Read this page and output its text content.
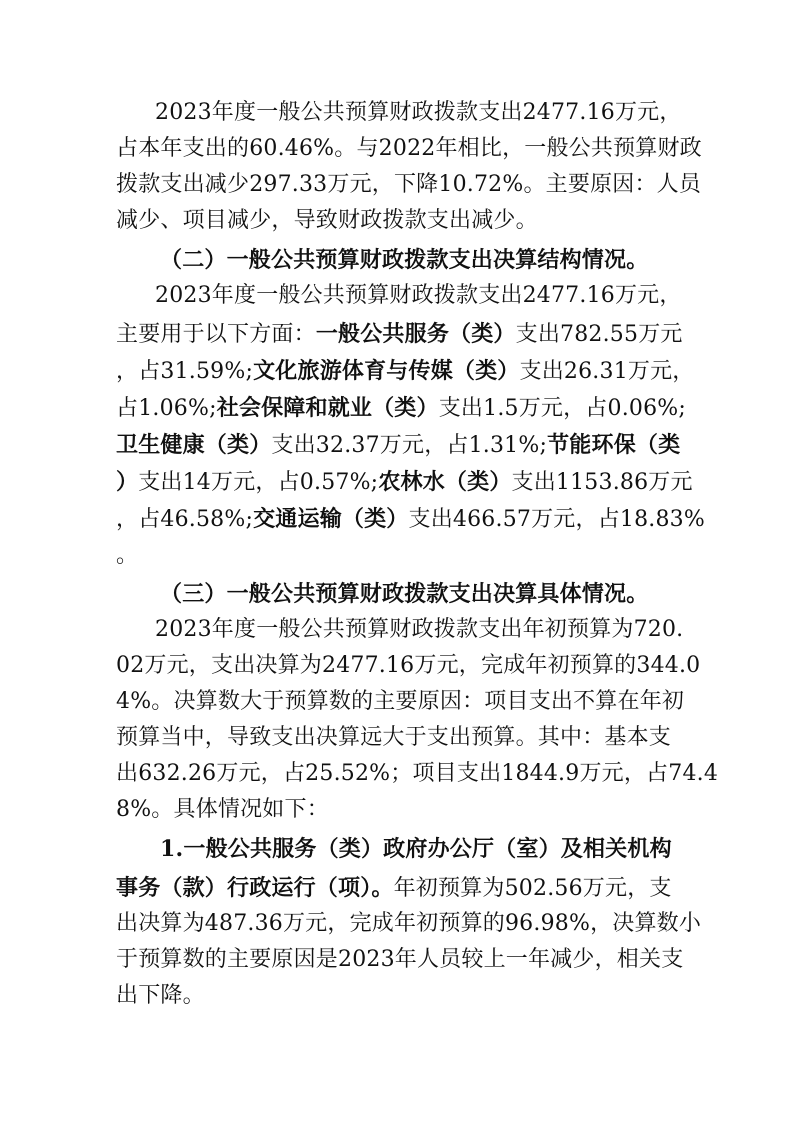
2023年度一般公共预算财政拨款支出2477.16万元，
占本年支出的60.46%。与2022年相比，一般公共预算财政
拨款支出减少297.33万元，下降10.72%。主要原因：人员
减少、项目减少，导致财政拨款支出减少。
（二）一般公共预算财政拨款支出决算结构情况。
2023年度一般公共预算财政拨款支出2477.16万元，
主要用于以下方面：一般公共服务（类）支出782.55万元
，占31.59%;文化旅游体育与传媒（类）支出26.31万元，
占1.06%;社会保障和就业（类）支出1.5万元，占0.06%;
卫生健康（类）支出32.37万元，占1.31%;节能环保（类
）支出14万元，占0.57%;农林水（类）支出1153.86万元
，占46.58%;交通运输（类）支出466.57万元，占18.83%
。
（三）一般公共预算财政拨款支出决算具体情况。
2023年度一般公共预算财政拨款支出年初预算为720.
02万元，支出决算为2477.16万元，完成年初预算的344.0
4%。决算数大于预算数的主要原因：项目支出不算在年初
预算当中，导致支出决算远大于支出预算。其中：基本支
出632.26万元，占25.52%；项目支出1844.9万元，占74.4
8%。具体情况如下：
1.一般公共服务（类）政府办公厅（室）及相关机构
事务（款）行政运行（项）。年初预算为502.56万元，支
出决算为487.36万元，完成年初预算的96.98%，决算数小
于预算数的主要原因是2023年人员较上一年减少，相关支
出下降。
